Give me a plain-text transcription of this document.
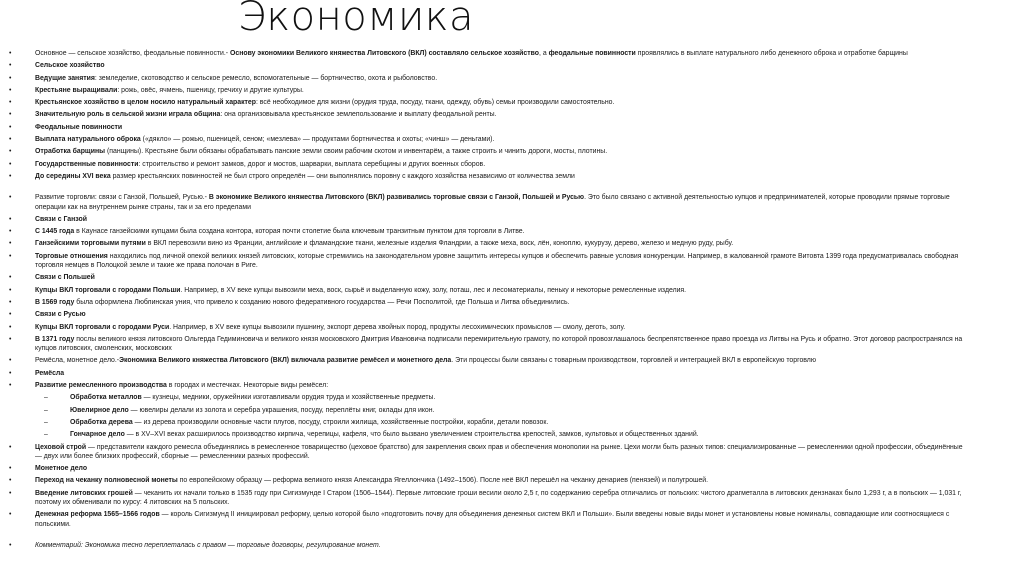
Экономика
•	Основное — сельское хозяйство, феодальные повинности.- Основу экономики Великого княжества Литовского (ВКЛ) составляло сельское хозяйство, а феодальные повинности проявлялись в выплате натурального либо денежного оброка и отработке барщины
•	Сельское хозяйство
•	Ведущие занятия: земледелие, скотоводство и сельское ремесло, вспомогательные — бортничество, охота и рыболовство.
•	Крестьяне выращивали: рожь, овёс, ячмень, пшеницу, гречиху и другие культуры.
•	Крестьянское хозяйство в целом носило натуральный характер: всё необходимое для жизни (орудия труда, посуду, ткани, одежду, обувь) семьи производили самостоятельно.
•	Значительную роль в сельской жизни играла община: она организовывала крестьянское землепользование и выплату феодальной ренты.
•	Феодальные повинности
•	Выплата натурального оброка («дякло» — рожью, пшеницей, сеном; «мезлева» — продуктами бортничества и охоты; «чинш» — деньгами).
•	Отработка барщины (панщины). Крестьяне были обязаны обрабатывать панские земли своим рабочим скотом и инвентарём, а также строить и чинить дороги, мосты, плотины.
•	Государственные повинности: строительство и ремонт замков, дорог и мостов, шарварки, выплата серебщины и других военных сборов.
•	До середины XVI века размер крестьянских повинностей не был строго определён — они выполнялись поровну с каждого хозяйства независимо от количества земли
•	Развитие торговли: связи с Ганзой, Польшей, Русью.- В экономике Великого княжества Литовского (ВКЛ) развивались торговые связи с Ганзой, Польшей и Русью. Это было связано с активной деятельностью купцов и предпринимателей, которые проводили прямые торговые операции как на внутреннем рынке страны, так и за его пределами
•	Связи с Ганзой
•	С 1445 года в Каунасе ганзейскими купцами была создана контора, которая почти столетие была ключевым транзитным пунктом для торговли в Литве.
•	Ганзейскими торговыми путями в ВКЛ перевозили вино из Франции, английские и фламандские ткани, железные изделия Фландрии, а также меха, воск, лён, коноплю, кукурузу, дерево, железо и медную руду, рыбу.
•	Торговые отношения находились под личной опекой великих князей литовских, которые стремились на законодательном уровне защитить интересы купцов и обеспечить равные условия конкуренции. Например, в жалованной грамоте Витовта 1399 года предусматривалась свободная торговля немцев в Полоцкой земле и такие же права полочан в Риге.
•	Связи с Польшей
•	Купцы ВКЛ торговали с городами Польши. Например, в XV веке купцы вывозили меха, воск, сырьё и выделанную кожу, золу, поташ, лес и лесоматериалы, пеньку и некоторые ремесленные изделия.
•	В 1569 году была оформлена Люблинская уния, что привело к созданию нового федеративного государства — Речи Посполитой, где Польша и Литва объединились.
•	Связи с Русью
•	Купцы ВКЛ торговали с городами Руси. Например, в XV веке купцы вывозили пушнину, экспорт дерева хвойных пород, продукты лесохимических промыслов — смолу, деготь, золу.
•	В 1371 году послы великого князя литовского Ольгерда Гедиминовича и великого князя московского Дмитрия Ивановича подписали перемирительную грамоту, по которой провозглашалось беспрепятственное право проезда из Литвы на Русь и обратно. Этот договор распространялся на купцов литовских, смоленских, московских
•	Ремёсла, монетное дело.-Экономика Великого княжества Литовского (ВКЛ) включала развитие ремёсел и монетного дела. Эти процессы были связаны с товарным производством, торговлей и интеграцией ВКЛ в европейскую торговлю
•	Ремёсла
•	Развитие ремесленного производства в городах и местечках. Некоторые виды ремёсел:
–	Обработка металлов — кузнецы, медники, оружейники изготавливали орудия труда и хозяйственные предметы.
–	Ювелирное дело — ювелиры делали из золота и серебра украшения, посуду, переплёты книг, оклады для икон.
–	Обработка дерева — из дерева производили основные части плугов, посуду, строили жилища, хозяйственные постройки, корабли, детали повозок.
–	Гончарное дело — в XV–XVI веках расширилось производство кирпича, черепицы, кафеля, что было вызвано увеличением строительства крепостей, замков, культовых и общественных зданий.
•	Цеховой строй — представители каждого ремесла объединялись в ремесленное товарищество (цеховое братство) для закрепления своих прав и обеспечения монополии на рынке. Цехи могли быть разных типов: специализированные — ремесленники одной профессии, объединённые — двух или более близких профессий, сборные — ремесленники разных профессий.
•	Монетное дело
•	Переход на чеканку полновесной монеты по европейскому образцу — реформа великого князя Александра Ягеллончика (1492–1506). После неё ВКЛ перешёл на чеканку денариев (пенязей) и полугрошей.
•	Введение литовских грошей — чеканить их начали только в 1535 году при Сигизмунде I Старом (1506–1544). Первые литовские гроши весили около 2,5 г, по содержанию серебра отличались от польских: чистого драгметалла в литовских дензнаках было 1,293 г, а в польских — 1,031 г, поэтому их обменивали по курсу: 4 литовских на 5 польских.
•	Денежная реформа 1565–1566 годов — король Сигизмунд II инициировал реформу, целью которой было «подготовить почву для объединения денежных систем ВКЛ и Польши». Были введены новые виды монет и установлены новые номиналы, совпадающие или соотносящиеся с польскими.
•	Комментарий: Экономика тесно переплеталась с правом — торговые договоры, регулирование монет.
